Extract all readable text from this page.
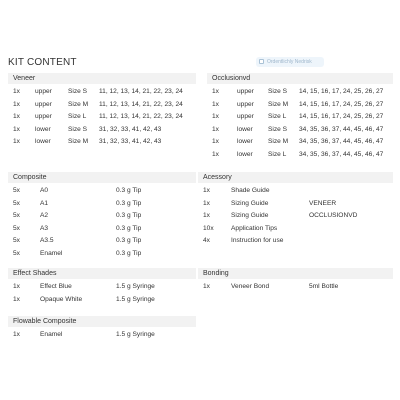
KIT CONTENT	Ordentlichly Nedrisk
Veneer
1x upper Size S 11, 12, 13, 14, 21, 22, 23, 24
1x upper Size M 11, 12, 13, 14, 21, 22, 23, 24
1x upper Size L 11, 12, 13, 14, 21, 22, 23, 24
1x lower	Size S 31, 32, 33, 41, 42, 43
1x lower	Size M 31, 32, 33, 41, 42, 43
Occlusionvd
1x	upper Size S 14, 15, 16, 17, 24, 25, 26, 27
1x	upper Size M 14, 15, 16, 17, 24, 25, 26, 27
1x	upper Size L 14, 15, 16, 17, 24, 25, 26, 27
1x	lower Size S 34, 35, 36, 37, 44, 45, 46, 47
1x	lower Size M 34, 35, 36, 37, 44, 45, 46, 47
1x	lower Size L 34, 35, 36, 37, 44, 45, 46, 47
Composite
5x	A0	0.3 g Tip
5x	A1	0.3 g Tip
5x	A2	0.3 g Tip
5x	A3	0.3 g Tip
5x	A3.5	0.3 g Tip
5x	Enamel	0.3 g Tip
Acessory
1x	Shade Guide
1x	Sizing Guide	VENEER
1x	Sizing Guide	OCCLUSIONVD
10x	Application Tips
4x	Instruction for use
Effect Shades
1x	Effect Blue	1.5 g Syringe
1x	Opaque White	1.5 g Syringe
Bonding
1x	Veneer Bond	5ml Bottle
Flowable Composite
1x	Enamel	1.5 g Syringe
